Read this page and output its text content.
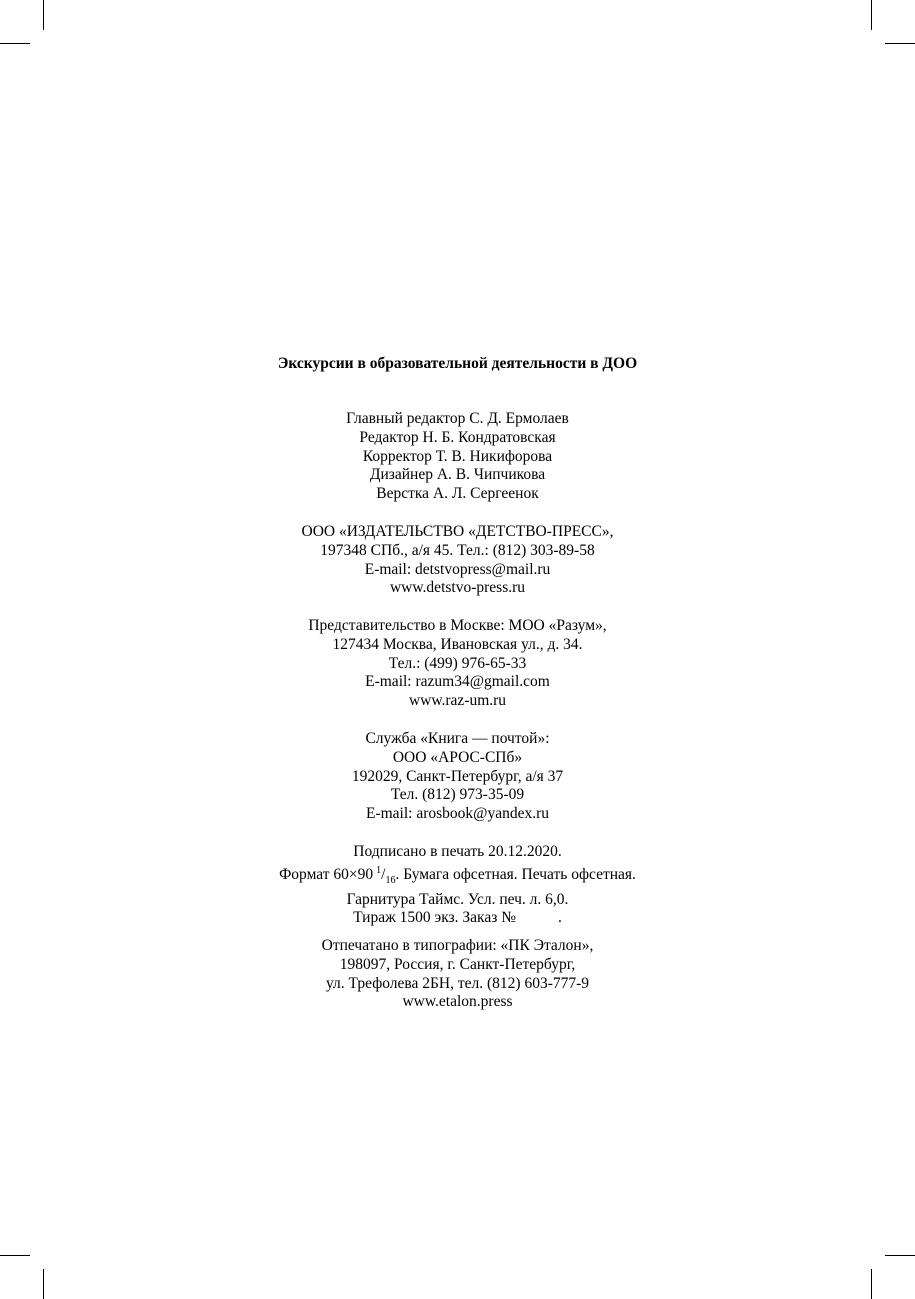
Экскурсии в образовательной деятельности в ДОО
Главный редактор С. Д. Ермолаев
Редактор Н. Б. Кондратовская
Корректор Т. В. Никифорова
Дизайнер А. В. Чипчикова
Верстка А. Л. Сергеенок
ООО «ИЗДАТЕЛЬСТВО «ДЕТСТВО-ПРЕСС»,
197348 СПб., а/я 45. Тел.: (812) 303-89-58
E-mail: detstvopress@mail.ru
www.detstvo-press.ru
Представительство в Москве: МОО «Разум»,
127434 Москва, Ивановская ул., д. 34.
Тел.: (499) 976-65-33
E-mail: razum34@gmail.com
www.raz-um.ru
Служба «Книга — почтой»:
ООО «АРОС-СПб»
192029, Санкт-Петербург, а/я 37
Тел. (812) 973-35-09
E-mail: arosbook@yandex.ru
Подписано в печать 20.12.2020.
Формат 60×90 $^1/_{16}$. Бумага офсетная. Печать офсетная.
Гарнитура Таймс. Усл. печ. л. 6,0.
Тираж 1500 экз. Заказ №	.
Отпечатано в типографии: «ПК Эталон»,
198097, Россия, г. Санкт-Петербург,
ул. Трефолева 2БН, тел. (812) 603-777-9
www.etalon.press
